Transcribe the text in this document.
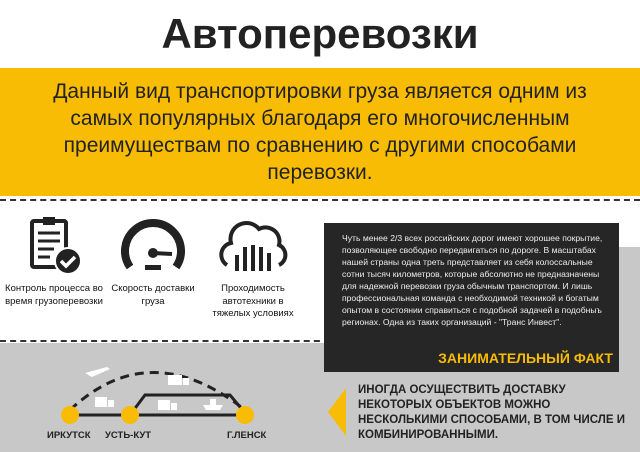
Автоперевозки

Данный вид транспортировки груза является одним из самых популярных благодаря его многочисленным преимуществам по сравнению с другими способами перевозки.

Контроль процесса во время грузоперевозки
Скорость доставки груза
Проходимость автотехники в тяжелых условиях

Чуть менее 2/3 всех российских дорог имеют хорошее покрытие, позволяющее свободно передвигаться по дороге. В масштабах нашей страны одна треть представляет из себя колоссальные сотни тысяч километров, которые абсолютно не предназначены для надежной перевозки груза обычным транспортом. И лишь профессиональная команда с необходимой техникой и богатым опытом в состоянии справиться с подобной задачей в подобныъ регионах. Одна из таких организаций - "Транс Инвест".

ЗАНИМАТЕЛЬНЫЙ ФАКТ
ИРКУТСК УСТЬ-КУТ	Г.ЛЕНСК
ИНОГДА ОСУЩЕСТВИТЬ ДОСТАВКУ НЕКОТОРЫХ ОБЪЕКТОВ МОЖНО НЕСКОЛЬКИМИ СПОСОБАМИ, В ТОМ ЧИСЛЕ И КОМБИНИРОВАННЫМИ.
